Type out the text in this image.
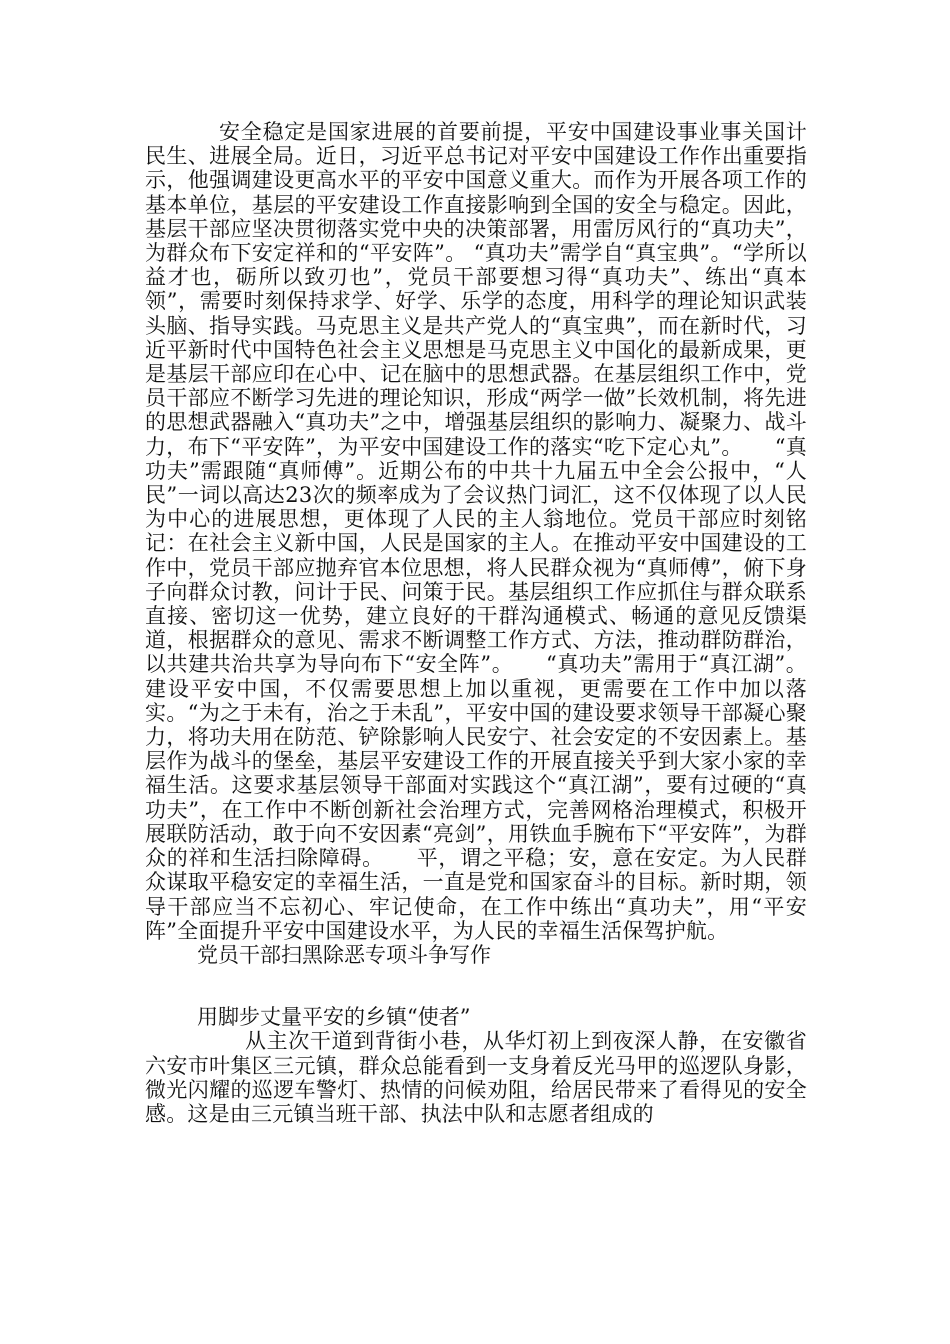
安全稳定是国家进展的首要前提，平安中国建设事业事关国计民生、进展全局。近日，习近平总书记对平安中国建设工作作出重要指示，他强调建设更高水平的平安中国意义重大。而作为开展各项工作的基本单位，基层的平安建设工作直接影响到全国的安全与稳定。因此，基层干部应坚决贯彻落实党中央的决策部署，用雷厉风行的“真功夫”，为群众布下安定祥和的“平安阵”。 “真功夫”需学自“真宝典”。“学所以益才也，砺所以致刃也”，党员干部要想习得“真功夫”、练出“真本领”，需要时刻保持求学、好学、乐学的态度，用科学的理论知识武装头脑、指导实践。马克思主义是共产党人的“真宝典”，而在新时代，习近平新时代中国特色社会主义思想是马克思主义中国化的最新成果，更是基层干部应印在心中、记在脑中的思想武器。在基层组织工作中，党员干部应不断学习先进的理论知识，形成“两学一做”长效机制，将先进的思想武器融入“真功夫”之中，增强基层组织的影响力、凝聚力、战斗力，布下“平安阵”，为平安中国建设工作的落实“吃下定心丸”。　　“真功夫”需跟随“真师傅”。近期公布的中共十九届五中全会公报中，“人民”一词以高达23次的频率成为了会议热门词汇，这不仅体现了以人民为中心的进展思想，更体现了人民的主人翁地位。党员干部应时刻铭记：在社会主义新中国，人民是国家的主人。在推动平安中国建设的工作中，党员干部应抛弃官本位思想，将人民群众视为“真师傅”，俯下身子向群众讨教，问计于民、问策于民。基层组织工作应抓住与群众联系直接、密切这一优势，建立良好的干群沟通模式、畅通的意见反馈渠道，根据群众的意见、需求不断调整工作方式、方法，推动群防群治，以共建共治共享为导向布下“安全阵”。　　“真功夫”需用于“真江湖”。建设平安中国，不仅需要思想上加以重视，更需要在工作中加以落实。“为之于未有，治之于未乱”，平安中国的建设要求领导干部凝心聚力，将功夫用在防范、铲除影响人民安宁、社会安定的不安因素上。基层作为战斗的堡垒，基层平安建设工作的开展直接关乎到大家小家的幸福生活。这要求基层领导干部面对实践这个“真江湖”，要有过硬的“真功夫”，在工作中不断创新社会治理方式，完善网格治理模式，积极开展联防活动，敢于向不安因素“亮剑”，用铁血手腕布下“平安阵”，为群众的祥和生活扫除障碍。　　平，谓之平稳；安，意在安定。为人民群众谋取平稳安定的幸福生活，一直是党和国家奋斗的目标。新时期，领导干部应当不忘初心、牢记使命，在工作中练出“真功夫”，用“平安阵”全面提升平安中国建设水平，为人民的幸福生活保驾护航。

党员干部扫黑除恶专项斗争写作

用脚步丈量平安的乡镇“使者”

从主次干道到背街小巷，从华灯初上到夜深人静，在安徽省六安市叶集区三元镇，群众总能看到一支身着反光马甲的巡逻队身影，微光闪耀的巡逻车警灯、热情的问候劝阻，给居民带来了看得见的安全感。这是由三元镇当班干部、执法中队和志愿者组成的
